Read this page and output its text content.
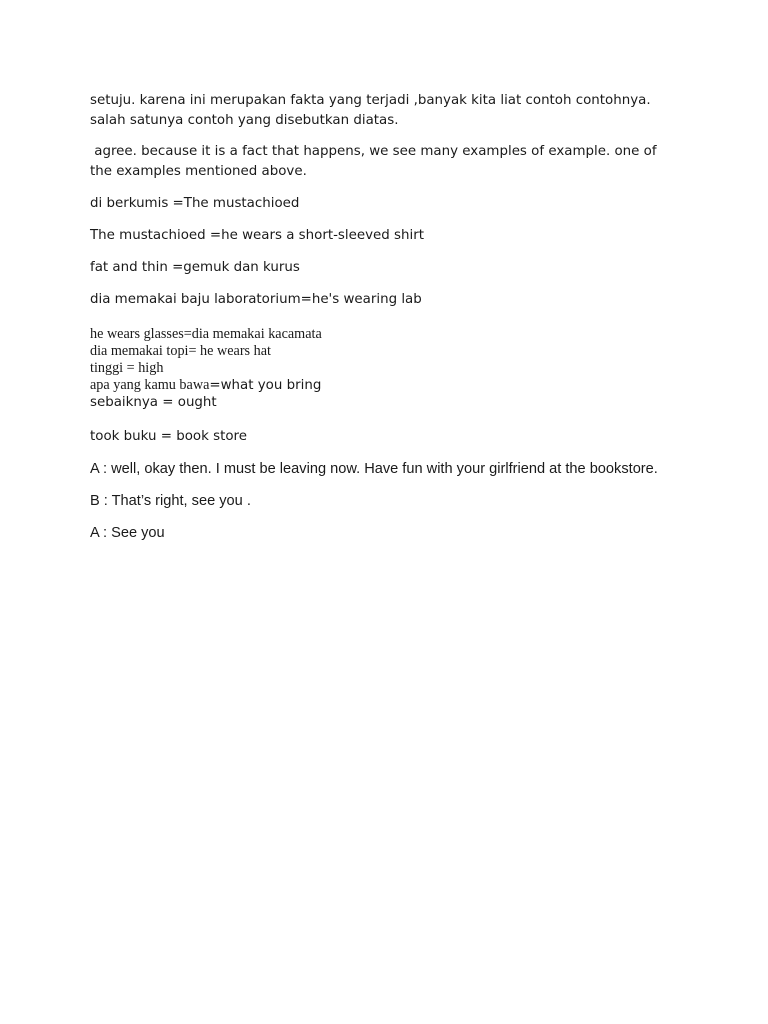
setuju. karena ini merupakan fakta yang terjadi ,banyak kita liat contoh contohnya. salah satunya contoh yang disebutkan diatas.

agree. because it is a fact that happens, we see many examples of example. one of the examples mentioned above.

di berkumis =The mustachioed

The mustachioed =he wears a short-sleeved shirt

fat and thin =gemuk dan kurus

dia memakai baju laboratorium=he's wearing lab

he wears glasses=dia memakai kacamata

dia memakai topi= he wears hat

tinggi = high

apa yang kamu bawa=what you bring

sebaiknya = ought

took buku = book store

A : well, okay then. I must be leaving now. Have fun with your girlfriend at the bookstore.

B : That’s right, see you .

A : See you
